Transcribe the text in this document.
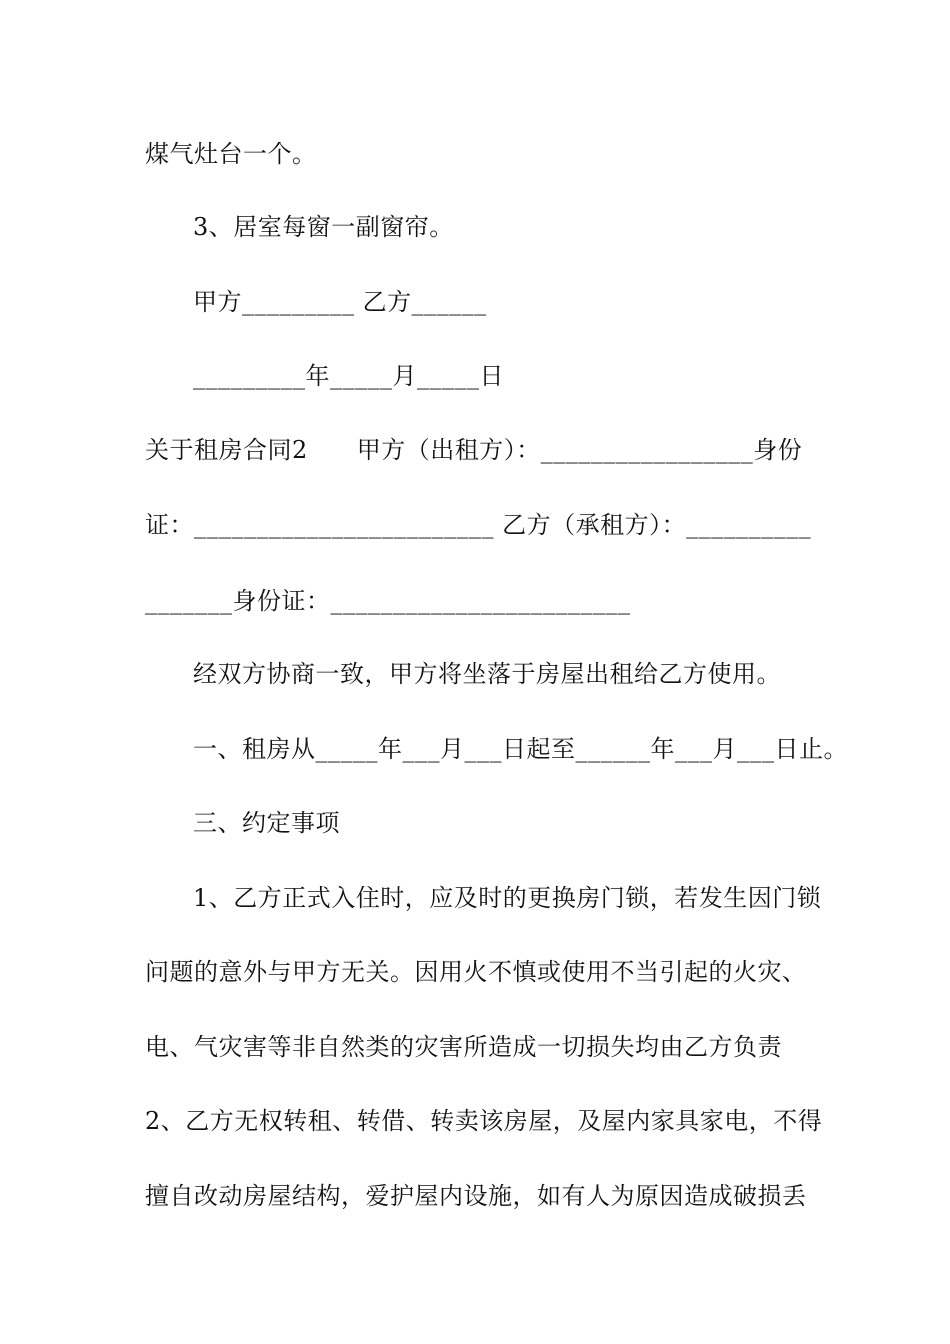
煤气灶台一个。
3、居室每窗一副窗帘。
甲方_________ 乙方______
_________年_____月_____日
关于租房合同2　　甲方（出租方）：_________________身份
证：________________________ 乙方（承租方）：__________
_______身份证：________________________
经双方协商一致，甲方将坐落于房屋出租给乙方使用。
一、租房从_____年___月___日起至______年___月___日止。
三、约定事项
1、乙方正式入住时，应及时的更换房门锁，若发生因门锁
问题的意外与甲方无关。因用火不慎或使用不当引起的火灾、
电、气灾害等非自然类的灾害所造成一切损失均由乙方负责
2、乙方无权转租、转借、转卖该房屋，及屋内家具家电，不得
擅自改动房屋结构，爱护屋内设施，如有人为原因造成破损丢
